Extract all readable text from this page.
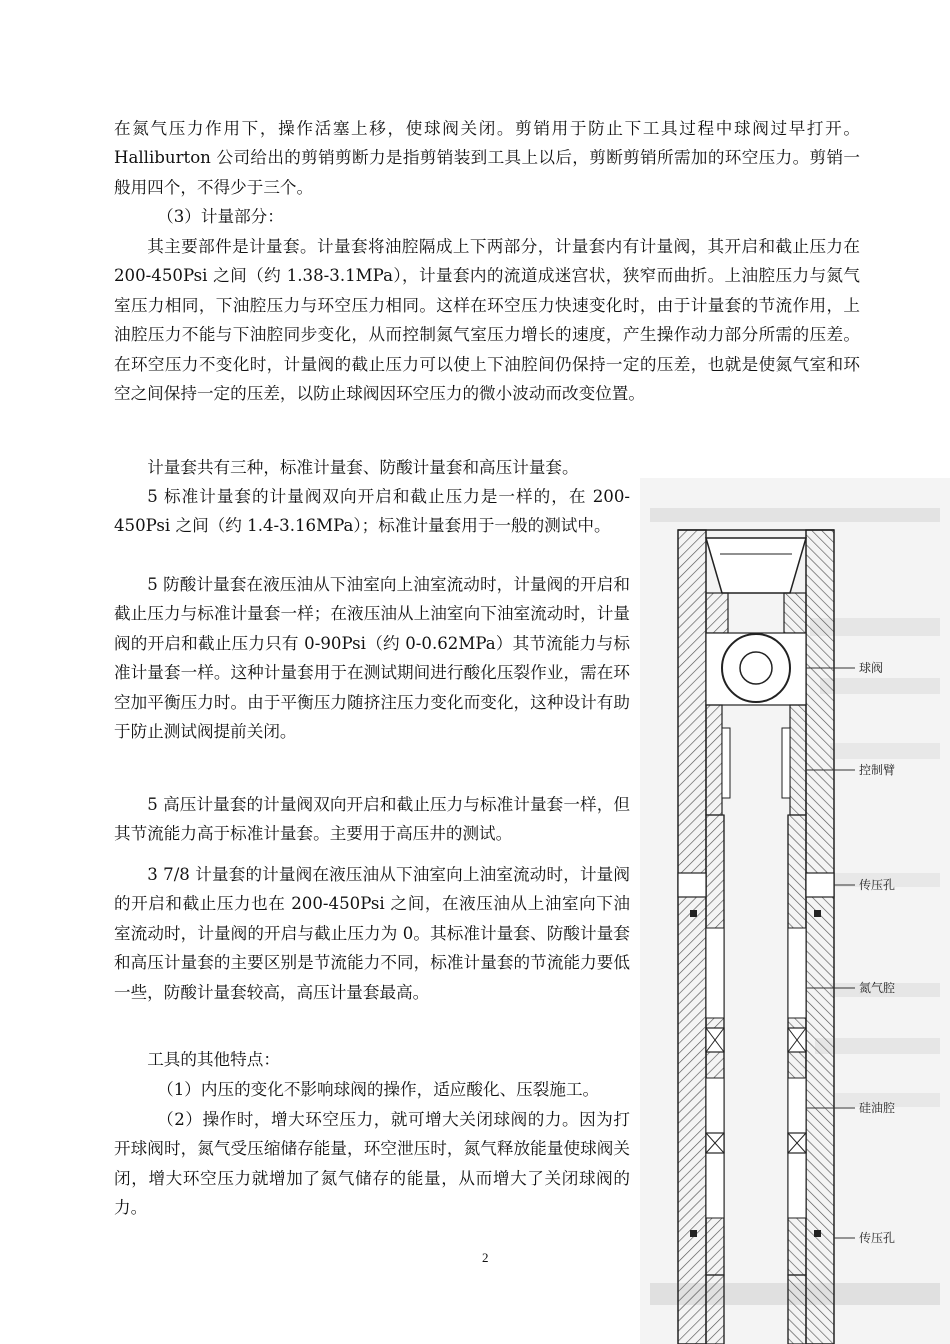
在氮气压力作用下，操作活塞上移，使球阀关闭。剪销用于防止下工具过程中球阀过早打开。Halliburton 公司给出的剪销剪断力是指剪销装到工具上以后，剪断剪销所需加的环空压力。剪销一般用四个，不得少于三个。

（3）计量部分：

其主要部件是计量套。计量套将油腔隔成上下两部分，计量套内有计量阀，其开启和截止压力在 200-450Psi 之间（约 1.38-3.1MPa），计量套内的流道成迷宫状，狭窄而曲折。上油腔压力与氮气室压力相同，下油腔压力与环空压力相同。这样在环空压力快速变化时，由于计量套的节流作用，上油腔压力不能与下油腔同步变化，从而控制氮气室压力增长的速度，产生操作动力部分所需的压差。在环空压力不变化时，计量阀的截止压力可以使上下油腔间仍保持一定的压差，也就是使氮气室和环空之间保持一定的压差，以防止球阀因环空压力的微小波动而改变位置。

计量套共有三种，标准计量套、防酸计量套和高压计量套。

5 标准计量套的计量阀双向开启和截止压力是一样的，在 200-450Psi 之间（约 1.4-3.16MPa）；标准计量套用于一般的测试中。

5 防酸计量套在液压油从下油室向上油室流动时，计量阀的开启和截止压力与标准计量套一样；在液压油从上油室向下油室流动时，计量阀的开启和截止压力只有 0-90Psi（约 0-0.62MPa）其节流能力与标准计量套一样。这种计量套用于在测试期间进行酸化压裂作业，需在环空加平衡压力时。由于平衡压力随挤注压力变化而变化，这种设计有助于防止测试阀提前关闭。

5 高压计量套的计量阀双向开启和截止压力与标准计量套一样，但其节流能力高于标准计量套。主要用于高压井的测试。

3 7/8 计量套的计量阀在液压油从下油室向上油室流动时，计量阀的开启和截止压力也在 200-450Psi 之间，在液压油从上油室向下油室流动时，计量阀的开启与截止压力为 0。其标准计量套、防酸计量套和高压计量套的主要区别是节流能力不同，标准计量套的节流能力要低一些，防酸计量套较高，高压计量套最高。

工具的其他特点：

（1）内压的变化不影响球阀的操作，适应酸化、压裂施工。

（2）操作时，增大环空压力，就可增大关闭球阀的力。因为打开球阀时，氮气受压缩储存能量，环空泄压时，氮气释放能量使球阀关闭，增大环空压力就增加了氮气储存的能量，从而增大了关闭球阀的力。

2
球阀
控制臂
传压孔
氮气腔
硅油腔
传压孔
